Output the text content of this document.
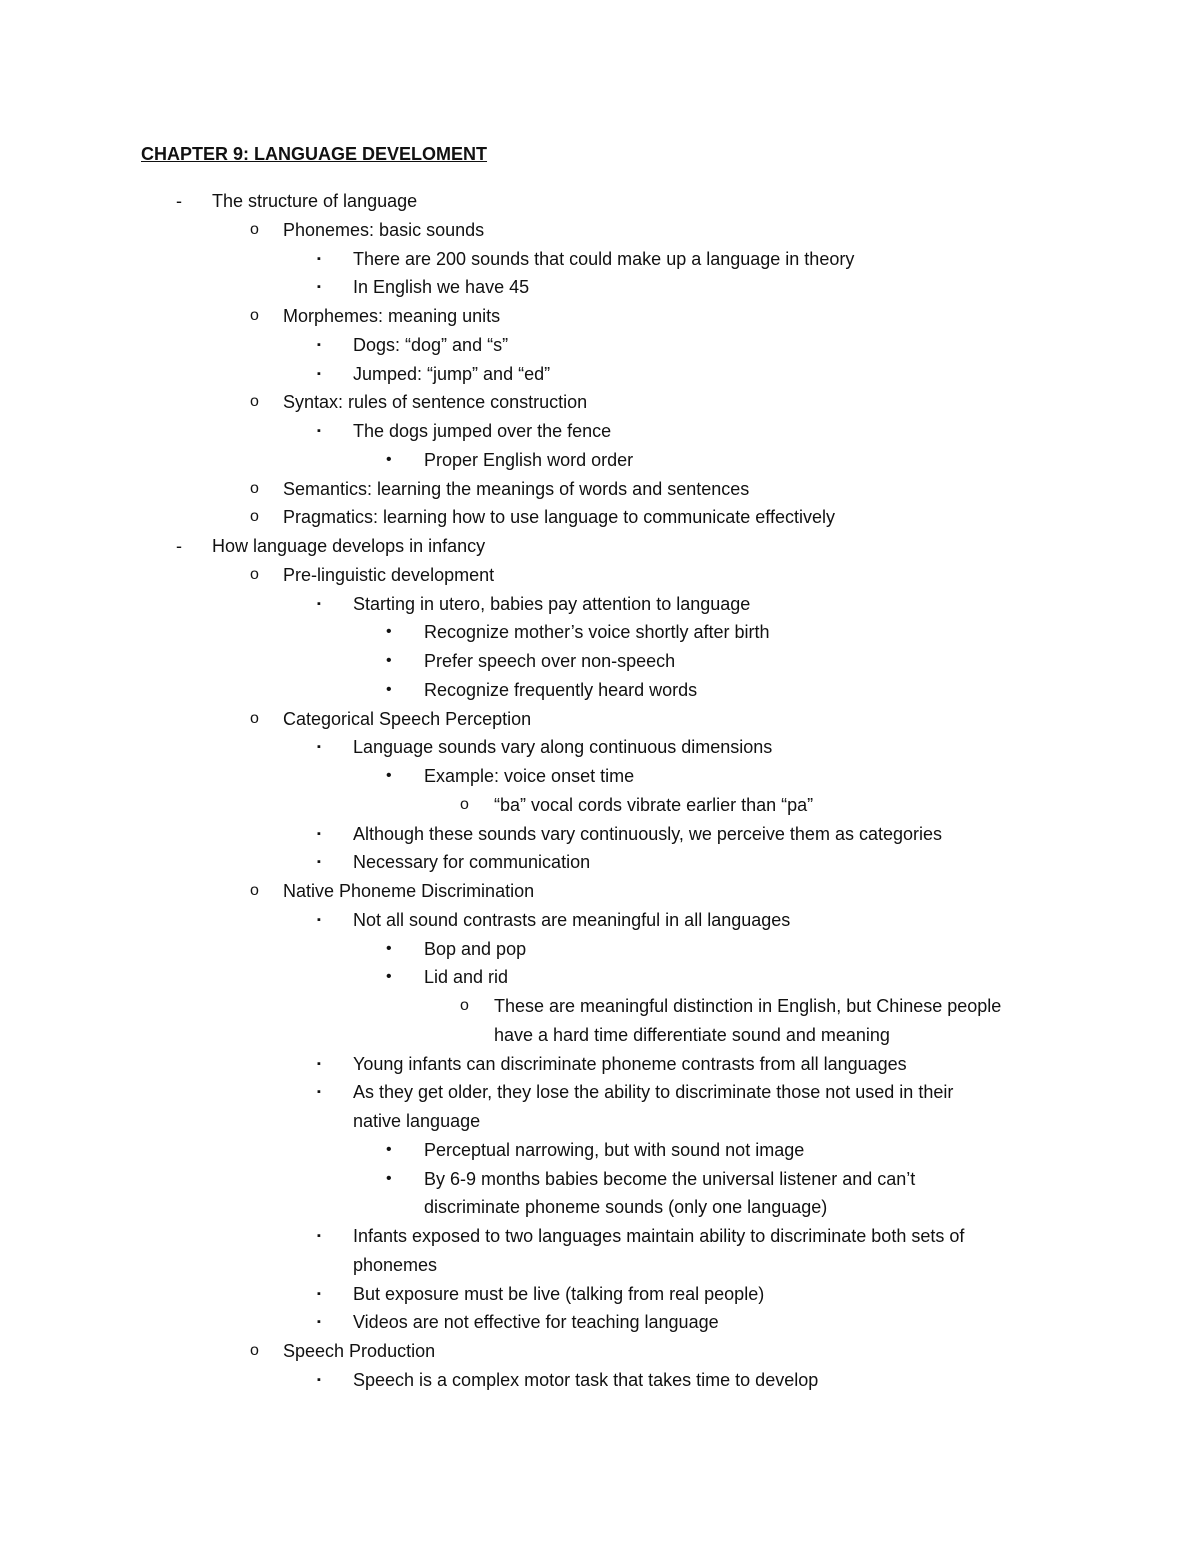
CHAPTER 9: LANGUAGE DEVELOMENT
-	The structure of language
o	Phonemes: basic sounds
▪	There are 200 sounds that could make up a language in theory
▪	In English we have 45
o	Morphemes: meaning units
▪	Dogs: “dog” and “s”
▪	Jumped: “jump” and “ed”
o	Syntax: rules of sentence construction
▪	The dogs jumped over the fence
•	Proper English word order
o	Semantics: learning the meanings of words and sentences
o	Pragmatics: learning how to use language to communicate effectively
-	How language develops in infancy
o	Pre-linguistic development
▪	Starting in utero, babies pay attention to language
•	Recognize mother’s voice shortly after birth
•	Prefer speech over non-speech
•	Recognize frequently heard words
o	Categorical Speech Perception
▪	Language sounds vary along continuous dimensions
•	Example: voice onset time
o	“ba” vocal cords vibrate earlier than “pa”
▪	Although these sounds vary continuously, we perceive them as categories
▪	Necessary for communication
o	Native Phoneme Discrimination
▪	Not all sound contrasts are meaningful in all languages
•	Bop and pop
•	Lid and rid
o	These are meaningful distinction in English, but Chinese people
have a hard time differentiate sound and meaning
▪	Young infants can discriminate phoneme contrasts from all languages
▪	As they get older, they lose the ability to discriminate those not used in their
native language
•	Perceptual narrowing, but with sound not image
•	By 6-9 months babies become the universal listener and can’t
discriminate phoneme sounds (only one language)
▪	Infants exposed to two languages maintain ability to discriminate both sets of
phonemes
▪	But exposure must be live (talking from real people)
▪	Videos are not effective for teaching language
o	Speech Production
▪	Speech is a complex motor task that takes time to develop
